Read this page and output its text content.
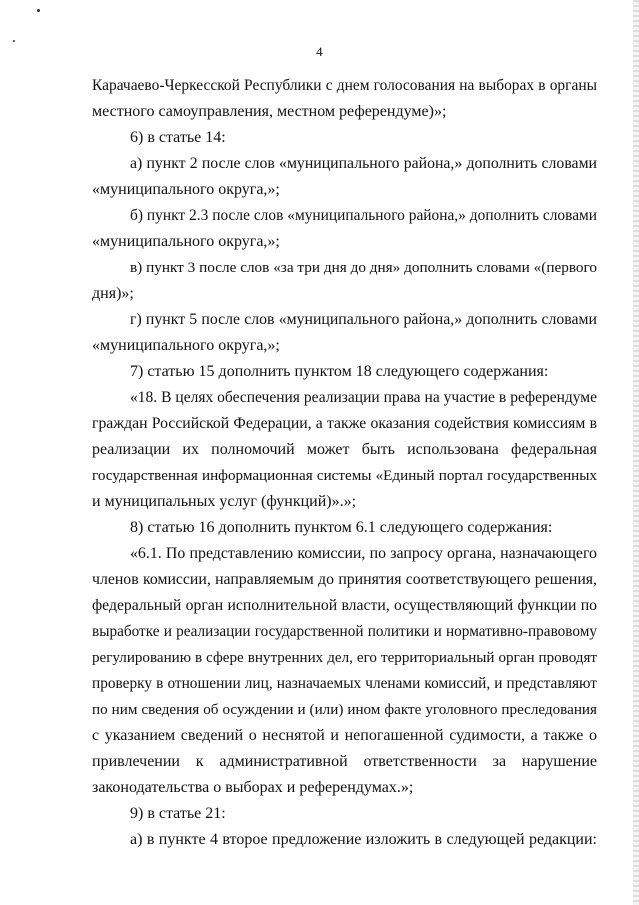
4
Карачаево-Черкесской Республики с днем голосования на выборах в органы
местного самоуправления, местном референдуме)»;
6) в статье 14:
а) пункт 2 после слов «муниципального района,» дополнить словами
«муниципального округа,»;
б) пункт 2.3 после слов «муниципального района,» дополнить словами
«муниципального округа,»;
в) пункт 3 после слов «за три дня до дня» дополнить словами «(первого
дня)»;
г) пункт 5 после слов «муниципального района,» дополнить словами
«муниципального округа,»;
7) статью 15 дополнить пунктом 18 следующего содержания:
«18. В целях обеспечения реализации права на участие в референдуме
граждан Российской Федерации, а также оказания содействия комиссиям в
реализации их полномочий может быть использована федеральная
государственная информационная системы «Единый портал государственных
и муниципальных услуг (функций)».»;
8) статью 16 дополнить пунктом 6.1 следующего содержания:
«6.1. По представлению комиссии, по запросу органа, назначающего
членов комиссии, направляемым до принятия соответствующего решения,
федеральный орган исполнительной власти, осуществляющий функции по
выработке и реализации государственной политики и нормативно-правовому
регулированию в сфере внутренних дел, его территориальный орган проводят
проверку в отношении лиц, назначаемых членами комиссий, и представляют
по ним сведения об осуждении и (или) ином факте уголовного преследования
с указанием сведений о неснятой и непогашенной судимости, а также о
привлечении к административной ответственности за нарушение
законодательства о выборах и референдумах.»;
9) в статье 21:
а) в пункте 4 второе предложение изложить в следующей редакции:
